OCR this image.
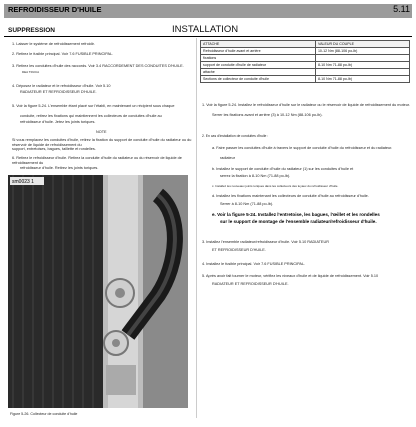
REFROIDISSEUR D'HUILE	5.11
SUPPRESSION	INSTALLATION
1. Laisser le système de refroidissement refroidir.
2. Retirez le fusible principal. Voir 7.6 FUSIBLE PRINCIPAL.
3. Retirez les conduites d'huile des raccords. Voir 3.4 RACCORDEMENT DES CONDUITES D'HUILE.
DEA TRUCA
4. Déposez le radiateur et le refroidisseur d'huile. Voir 5.10
RADIATEUR ET REFROIDISSEUR D'HUILE.
5. Voir la figure 5-24. L'ensemble étant placé sur l'établi, en maintenant un récipient sous chaque
conduite, retirez les fixations qui maintiennent les collecteurs de conduites d'huile au
refroidisseur d'huile. Jetez les joints toriques.
NOTE
Si vous remplacez les conduites d'huile, retirez la fixation du support de conduite d'huile du radiateur ou du réservoir de liquide de refroidissement du
support, entretoises, bagues, taillette et rondelles.
6. Retirez le refroidisseur d'huile. Retirez la conduite d'huile du radiateur ou du réservoir de liquide de refroidissement du
refroidisseur d'huile. Retirez les joints toriques.
sm0023 1
Figure 5-26. Collecteur de conduite d'huile
ATTACHE	VALEUR DU COUPLE
Refroidisseur d'huile avant et arrière	10-12 Nm (88-106 po-lb)
fixations	
support de conduite d'huile de radiateur	8-10 Nm 71-88 po-lb)
attache	
Sections de collecteur de conduite d'huile	8-10 Nm 71-88 po-lb)
1. Voir la figure 5-24. Installez le refroidisseur d'huile sur le radiateur ou le réservoir de liquide de refroidissement du moteur.
Serrer les fixations avant et arrière (3) à 10-12 Nm (88-106 po-lb).
2. En cas d'installation de conduites d'huile :
a. Faire passer les conduites d'huile à travers le support de conduite d'huile du refroidisseur et du radiateur.
radiateur
b. Installez le support de conduite d'huile du radiateur (1) sur les conduites d'huile et
serrez la fixation à 8-10 Nm (71-88 po-lb).
c. Installez les nouveaux joints toriques dans les collecteurs des tuyaux du refroidisseur d'huile.
d. Installez les fixations maintenant les collecteurs de conduite d'huile au refroidisseur d'huile.
Serrer à 8-10 Nm (71-88 po-lb).
e. Voir la figure 5-24. Installez l'entretoise, les bagues, l'œillet et les rondelles
sur le support de montage de l'ensemble radiateur/refroidisseur d'huile.
3. Installez l'ensemble radiateur/refroidisseur d'huile. Voir 5.10 RADIATEUR
ET REFROIDISSEUR D'HUILE.
4. Installez le fusible principal. Voir 7.6 FUSIBLE PRINCIPAL.
5. Après avoir fait tourner le moteur, vérifiez les niveaux d'huile et de liquide de refroidissement. Voir 5.10
RADIATEUR ET REFROIDISSEUR D'HUILE.
